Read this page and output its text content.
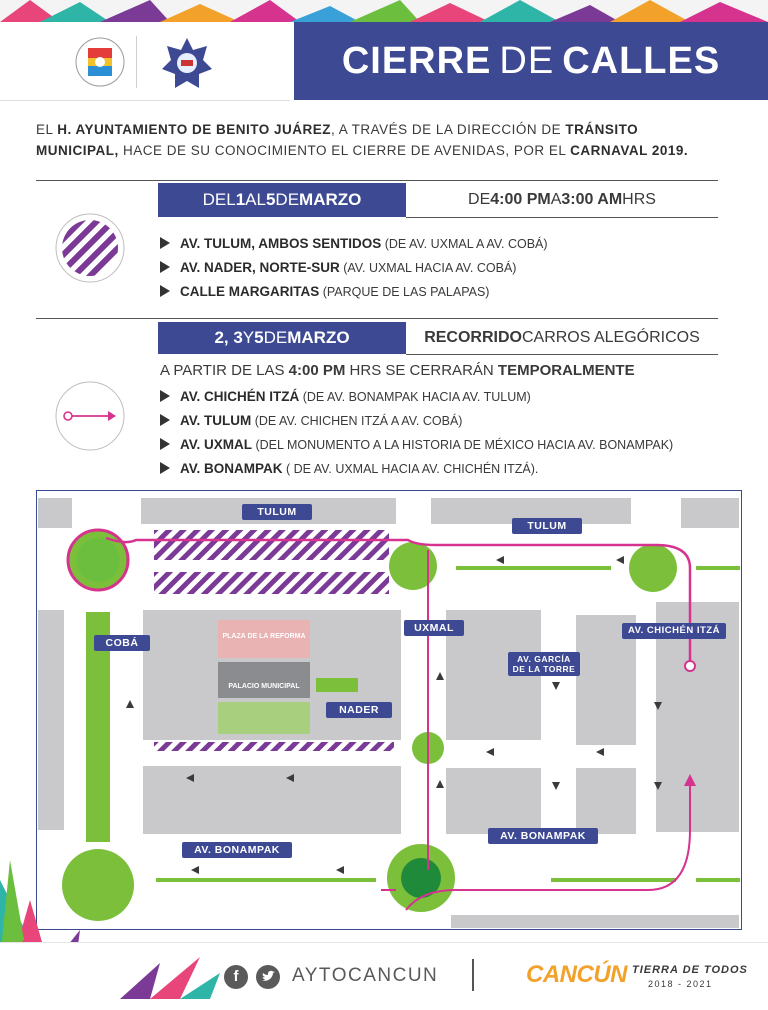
CIERRE DE CALLES
EL H. AYUNTAMIENTO DE BENITO JUÁREZ, A TRAVÉS DE LA DIRECCIÓN DE TRÁNSITO
MUNICIPAL, HACE DE SU CONOCIMIENTO EL CIERRE DE AVENIDAS, POR EL CARNAVAL 2019.
DEL 1 AL 5 DE MARZO	DE 4:00 PM A 3:00 AM HRS
AV. TULUM, AMBOS SENTIDOS (DE AV. UXMAL A AV. COBÁ)
AV. NADER, NORTE-SUR (AV. UXMAL HACIA AV. COBÁ)
CALLE MARGARITAS (PARQUE DE LAS PALAPAS)
2, 3 Y 5 DE MARZO	RECORRIDO CARROS ALEGÓRICOS
A PARTIR DE LAS 4:00 PM HRS SE CERRARÁN TEMPORALMENTE
AV. CHICHÉN ITZÁ (DE AV. BONAMPAK HACIA AV. TULUM)
AV. TULUM (DE AV. CHICHEN ITZÁ A AV. COBÁ)
AV. UXMAL (DEL MONUMENTO A LA HISTORIA DE MÉXICO HACIA AV. BONAMPAK)
AV. BONAMPAK ( DE AV. UXMAL HACIA AV. CHICHÉN ITZÁ).
TULUM
TULUM
COBÁ
UXMAL	AV. CHICHÉN ITZÁ
AV. GARCÍA
DE LA TORRE
NADER
AV. BONAMPAK
AV. BONAMPAK
PLAZA DE LA REFORMA
PALACIO MUNICIPAL
f	AYTOCANCUN	CANCÚN TIERRA DE TODOS
2018 - 2021
